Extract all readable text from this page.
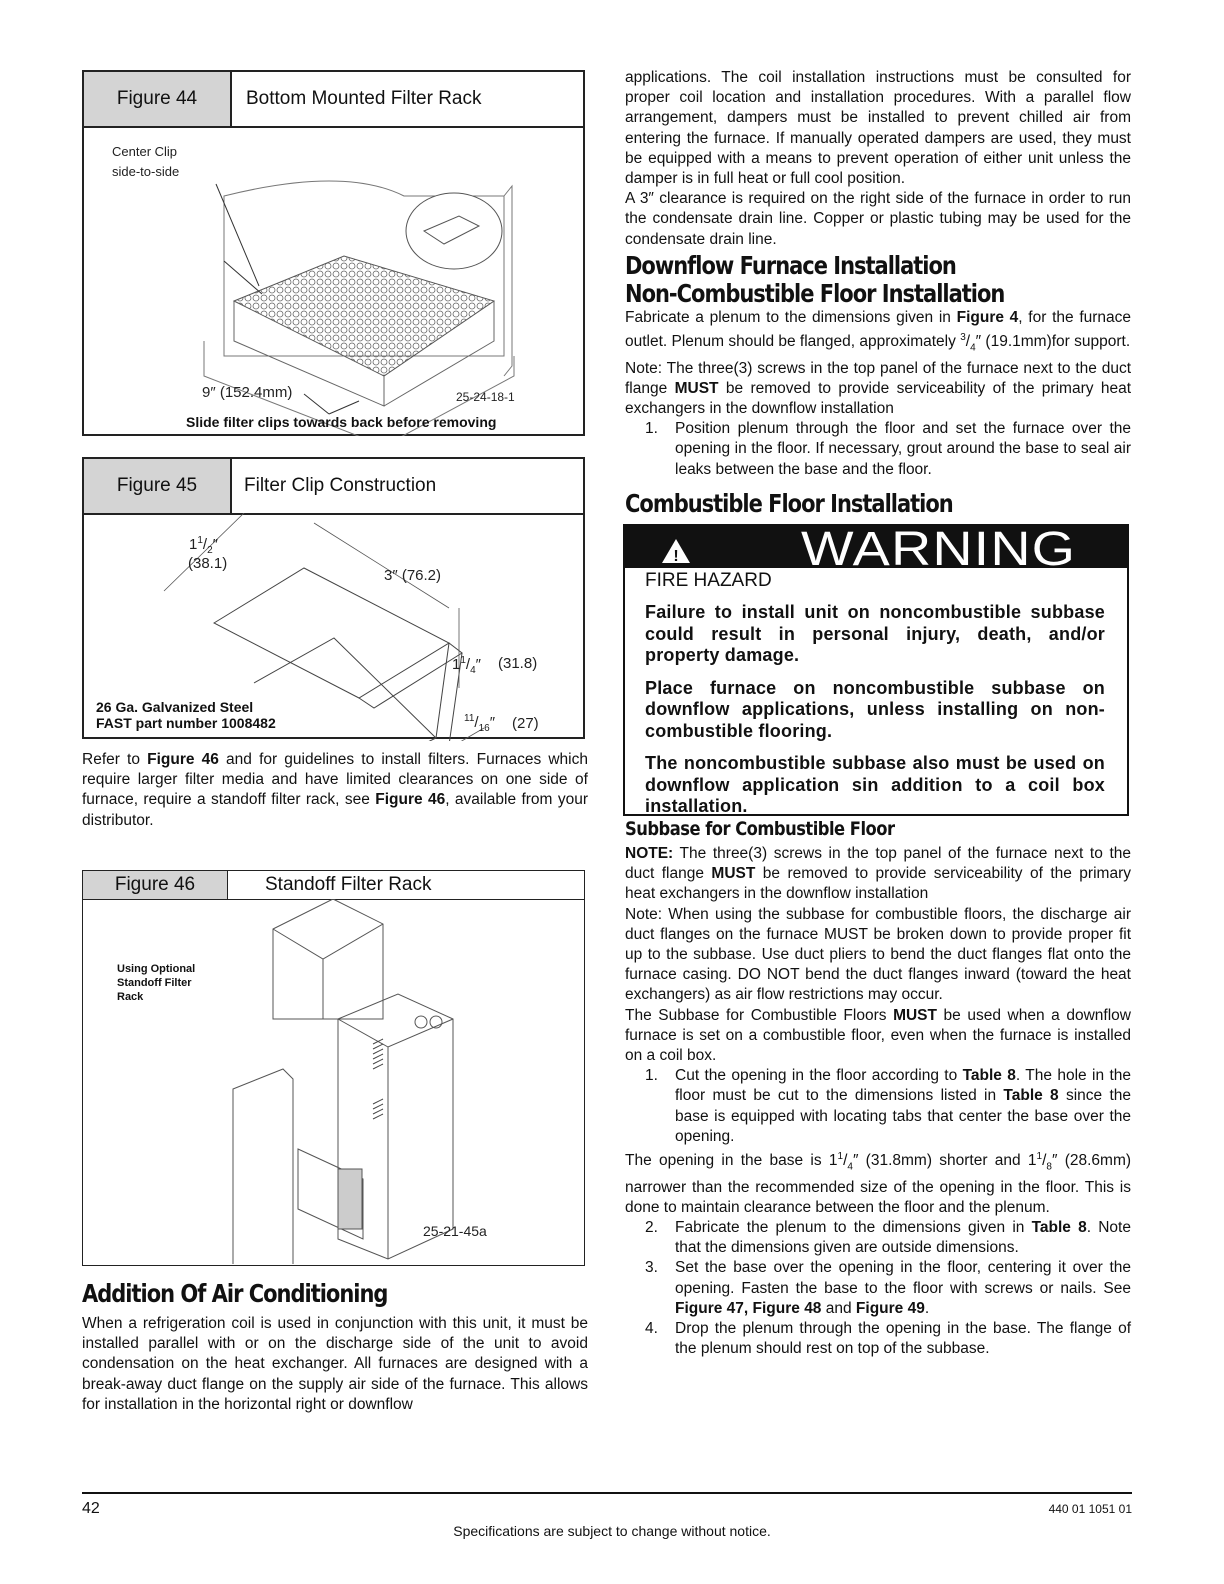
Figure 44	Bottom Mounted Filter Rack
Center Clip
side-to-side
9″ (152.4mm)	25-24-18-1
Slide filter clips towards back before removing
Figure 45	Filter Clip Construction
$1^1/_2''$
(38.1)
3″ (76.2)
$1^1/_4''$ (31.8)
$^{11}/_{16}''$ (27)
26 Ga. Galvanized Steel
FAST part number 1008482

Refer to Figure 46 and for guidelines to install filters. Furnaces which require larger filter media and have limited clearances on one side of furnace, require a standoff filter rack, see Figure 46, available from your distributor.

Figure 46	Standoff Filter Rack
Using Optional
Standoff Filter
Rack
25-21-45a
Addition Of Air Conditioning

When a refrigeration coil is used in conjunction with this unit, it must be installed parallel with or on the discharge side of the unit to avoid condensation on the heat exchanger. All furnaces are designed with a break-away duct flange on the supply air side of the furnace. This allows for installation in the horizontal right or downflow

applications. The coil installation instructions must be consulted for proper coil location and installation procedures. With a parallel flow arrangement, dampers must be installed to prevent chilled air from entering the furnace. If manually operated dampers are used, they must be equipped with a means to prevent operation of either unit unless the damper is in full heat or full cool position.

A 3″ clearance is required on the right side of the furnace in order to run the condensate drain line. Copper or plastic tubing may be used for the condensate drain line.

Downflow Furnace Installation
Non-Combustible Floor Installation

Fabricate a plenum to the dimensions given in Figure 4, for the furnace outlet. Plenum should be flanged, approximately $^3/_4''$ (19.1mm)for support.

Note: The three(3) screws in the top panel of the furnace next to the duct flange MUST be removed to provide serviceability of the primary heat exchangers in the downflow installation

1. Position plenum through the floor and set the furnace over the opening in the floor. If necessary, grout around the base to seal air leaks between the base and the floor.

Combustible Floor Installation
!	WARNING
FIRE HAZARD

Failure to install unit on noncombustible subbase could result in personal injury, death, and/or property damage.

Place furnace on noncombustible subbase on downflow applications, unless installing on non-combustible flooring.

The noncombustible subbase also must be used on downflow application sin addition to a coil box installation.

Subbase for Combustible Floor

NOTE: The three(3) screws in the top panel of the furnace next to the duct flange MUST be removed to provide serviceability of the primary heat exchangers in the downflow installation

Note: When using the subbase for combustible floors, the discharge air duct flanges on the furnace MUST be broken down to provide proper fit up to the subbase. Use duct pliers to bend the duct flanges flat onto the furnace casing. DO NOT bend the duct flanges inward (toward the heat exchangers) as air flow restrictions may occur.

The Subbase for Combustible Floors MUST be used when a downflow furnace is set on a combustible floor, even when the furnace is installed on a coil box.

1. Cut the opening in the floor according to Table 8. The hole in the floor must be cut to the dimensions listed in Table 8 since the base is equipped with locating tabs that center the base over the opening.

The opening in the base is $1^1/_4''$ (31.8mm) shorter and $1^1/_8''$ (28.6mm) narrower than the recommended size of the opening in the floor. This is done to maintain clearance between the floor and the plenum.

2. Fabricate the plenum to the dimensions given in Table 8. Note that the dimensions given are outside dimensions.

3. Set the base over the opening in the floor, centering it over the opening. Fasten the base to the floor with screws or nails. See Figure 47, Figure 48 and Figure 49.

4. Drop the plenum through the opening in the base. The flange of the plenum should rest on top of the subbase.

42	440 01 1051 01
Specifications are subject to change without notice.
